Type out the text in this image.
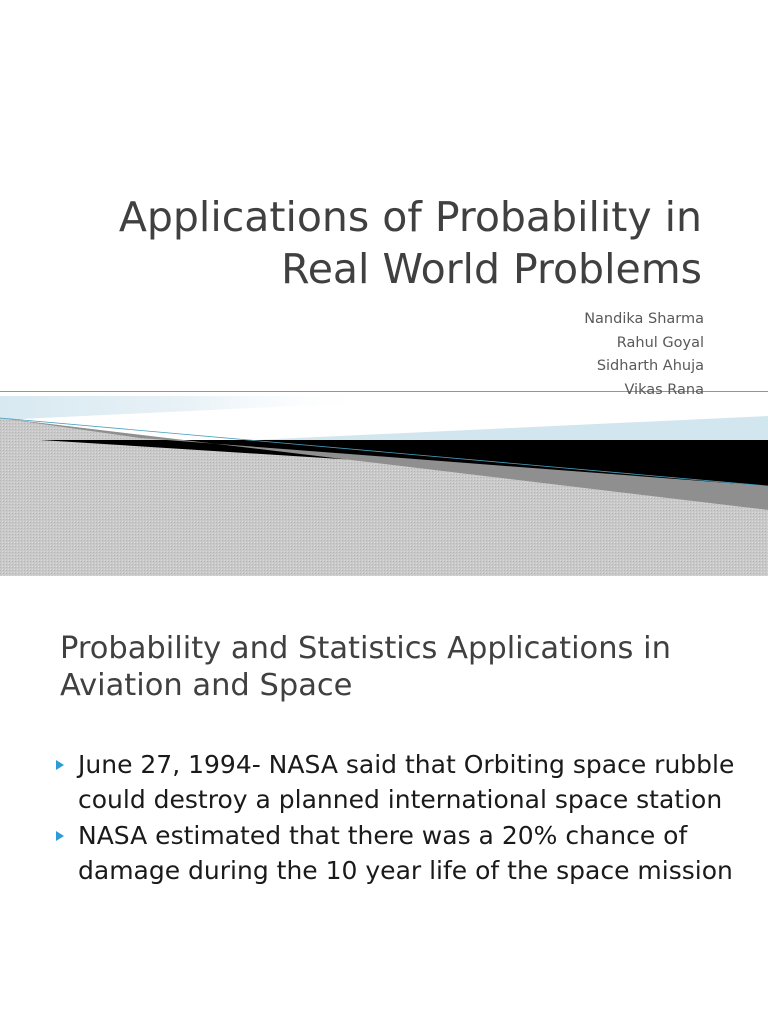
Applications of Probability in Real World Problems
Nandika Sharma
Rahul Goyal
Sidharth Ahuja
Vikas Rana
Probability and Statistics Applications in Aviation and Space
June 27, 1994- NASA said that Orbiting space rubble could destroy a planned international space station
NASA estimated that there was a 20% chance of damage during the 10 year life of the space mission
